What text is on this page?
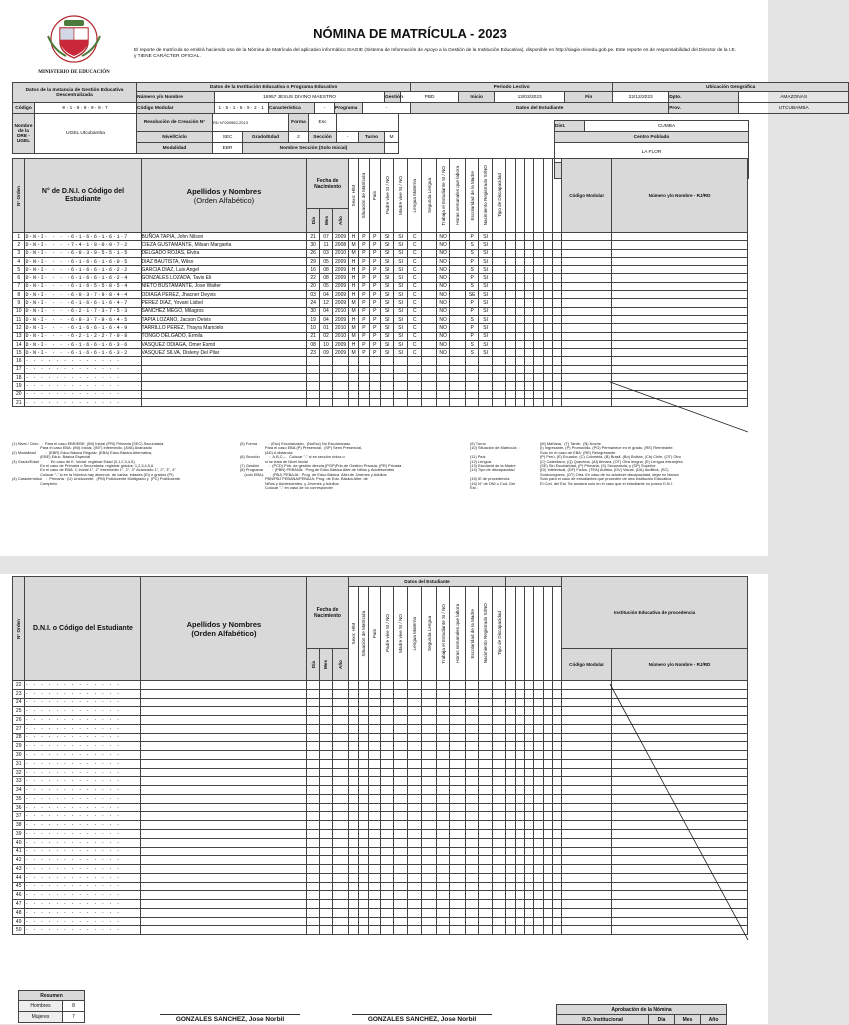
MINISTERIO DE EDUCACIÓN
NÓMINA DE MATRÍCULA - 2023
El reporte de matrícula se emitirá haciendo uso de la Nómina de Matrícula del aplicativo informático SIAGIE (Sistema de Información de Apoyo a la Gestión de la Institución Educativa), disponible en http://siagie.minedu.gob.pe. Este reporte es de responsabilidad del Director de la I.E. y TIENE CARÁCTER OFICIAL.
Datos de la Instancia de Gestión Educativa Descentralizada		Datos de la Institución Educativa o Programa Educativo								Periodo Lectivo				Ubicación Geográfica		
		Número y/o Nombre	16957 JESUS DIVINO MAESTRO					Gestión	PBD		Inicio	13/03/2023	Fin	22/12/2023	Dpto.	AMAZONAS
Código	0·1·0·0·0·0·7	Código Modular	1·5·1·6·9·2·1	Característica	-	Programa	-			Datos del Estudiante					Prov.	UTCUBAMBA
Nombre de la DRE - UGEL	UGEL Utcubamba	Resolución de Creación N°	RD N°000962-2013		Forma	Esc			
		Nivel/Ciclo	SEC	Grado/Edad	2	Sección	-	Turno	M
		Modalidad	EBR	Nombre Sección (Solo Inicial)					
Dist.	CUMBA
Centro Poblado
LA FLOR

N° Orden	N° de D.N.I. o Código del Estudiante	Apellidos y Nombres
(Orden Alfabético)	Fecha de Nacimiento			Sexo: H/M	Situación de Matrícula	País	Padre vive SI / NO	Madre vive SI / NO	Lengua Materna	Segunda Lengua	Trabaja el Estudiante SI / NO	Horas semanales que labora	Escolaridad de la Madre	Nacimiento Registrado SI/NO	Tipo de Discapacidad							Código Modular	Número y/o Nombre - RJ/RD

			Día	Mes	Año																				

1	D·N·I· · · ·6·1·6·6·1·6·1·7	BUÑOA TAPIA, John Nilson	21	07	2009	H	P	P	SI	SI	C		NO		P	SI									
2	D·N·I· · · ·7·4·1·0·0·0·7·2	CIEZA GUSTAMANTE, Milsan Margarita	30	11	2008	M	P	P	SI	SI	C		NO		S	SI									
3	D·N·I· · · ·6·0·3·9·5·5·1·5	DELGADO ROJAS, Elvira	26	03	2010	M	P	P	SI	SI	C		NO		S	SI									
4	D·N·I· · · ·6·1·6·6·1·6·0·5	DIAZ BAUTISTA, Wilso	29	05	2009	H	P	P	SI	SI	C		NO		P	SI									
5	D·N·I· · · ·6·1·6·6·1·6·2·2	GARCIA DIAZ, Luis Angel	16	08	2009	H	P	P	SI	SI	C		NO		S	SI									
6	D·N·I· · · ·6·1·6·6·1·6·2·4	GONZALES LOZADA, Tavis Eli	22	08	2009	H	P	P	SI	SI	C		NO		P	SI									
7	D·N·I· · · ·6·1·6·5·5·8·5·4	NIETO BUSTAMANTE, Jose Walter	20	05	2009	H	P	P	SI	SI	C		NO		S	SI									
8	D·N·I· · · ·6·0·3·7·9·8·4·4	ODIAGA PEREZ, Jhacner Deyvis	03	04	2009	H	P	P	SI	SI	C		NO		SE	SI									
9	D·N·I· · · ·6·1·6·6·1·6·4·7	PEREZ DIAZ, Yovani Lisbel	24	12	2009	M	P	P	SI	SI	C		NO		P	SI									
10	D·N·I· · · ·6·2·1·7·3·7·5·3	SANCHEZ MEGO, Milagros	30	04	2010	M	P	P	SI	SI	C		NO		P	SI									
11	D·N·I· · · ·6·0·3·7·9·6·4·5	TAPIA LOZANO, Jacson Deivis	19	04	2009	H	P	P	SI	SI	C		NO		S	SI									
12	D·N·I· · · ·6·1·6·6·1·6·4·9	TARRILLO PEREZ, Thayra Maricielo	10	01	2010	M	P	P	SI	SI	C		NO		P	SI									
13	D·N·I· · · ·6·2·1·2·2·7·0·8	TONGO DELGADO, Ermila	21	02	2010	M	P	P	SI	SI	C		NO		P	SI									
14	D·N·I· · · ·6·1·6·6·1·6·3·6	VASQUEZ ODIAGA, Omer Esmit	08	10	2009	H	P	P	SI	SI	C		NO		S	SI									
15	D·N·I· · · ·6·1·6·6·1·6·3·2	VASQUEZ SILVA, Disleny Del Pilar	23	09	2009	M	P	P	SI	SI	C		NO		S	SI									
16	· · · · · · · · · · · · ·																								
17	· · · · · · · · · · · · ·																								
18	· · · · · · · · · · · · ·																								
19	· · · · · · · · · · · · ·																								
20	· · · · · · · · · · · · ·																								
21	· · · · · · · · · · · · ·																								
(1) Nivel / Ciclo   :  Para el caso EBR/EBE: (INI) Inicial (PRI) Primaria (SEC) Secundaria
Para el caso EBA: (INI) Inicial, (INT) Intermedio, (AVA) Avanzado
(2) Modalidad         :  (EBR) Educ.Básica Regular, (EBA) Educ.Básica Alternativa,
(EBE) Educ. Básica Especial
(3) Grado/Edad        :  En caso de E. Inicial: registrar Edad (0,1,2,3,4,5).
En el caso de Primaria o Secundaria: registrar grados: 1,2,3,4,5,6.
En el caso de EBA: C.Inicial 1°, 2° Intermedio 1°, 2°, 3° Avanzado 1°, 2°, 3°, 4°
Colocar "-" si en la Nómina hay alumnos  de varias  edades (EI) o grados (PI)
(4) Característica    :  Primaria : (U) Unidocente,  (PM) Polidocente Multigrado y  (PC) Polidocente
Completo.
(5) Forma          :  (Esc) Escolarizado,  (NoEsc) No Escolarizado
Para el caso EBA:(P) Presencial,  (SP) Semi Presencial,
(AD) A distancia
(6) Sección         :  A,B,C,...  Colocar "-" si es sección única o
si se trata de Nivel Inicial
(7) Gestión         :  (PCD) Púb. de gestión directa,(PGP)Púb.de Gestión Privada, (PR) Privada
(8) Programa        :  (PBN) PEBANA:  Prog.de Educ.Básica Alter.de Niños y Adolescentes
(solo EBA):        (PBJ) PEBAJA:  Prog. de Educ.Básica  Alter.de Jóvenes y Adultos
PBN/PBJ PEBANA/PEBAJA: Prog. de Edu. Básica Alter. de
Niños y Adolescentes, y Jóvenes y Adultos.
Colocar "-" en caso de no corresponder
(9) Turno
(10) Situación de Matrícula  :

(11) País
(12) Lengua
(13) Escolarid de la Madre
(14) Tipo de discapacidad

(15) IE de procedencia
(16) N° de DNI o Cod. Del
Est.:
(M) Mañana,  (T) Tarde,  (N) Noche
(I) Ingresante, (P) Promovido, (PG) Permanece en el grado, (RE) Reentrante.
Solo en el caso de EBA: (RE) Reingresante
(P) Perú, (E) Ecuador, (C) Colombia, (B) Brasil, (Bo) Bolivia, (Ch) Chile, (OT) Otro
(C) Castellano, (Q) Quechua, (AI) Aimara, (OT) Otra lengua, (E) Lengua extranjera.
(SE) Sin Escolaridad, (P) Primaria, (S) Secundaria, y (SP) Superior
(DI) Intelectual, (DF) Física, (TEA) Autista, (DV) Visual, (DA) Auditiva, (SC)
Sordoceguera, (OT) Otra. En caso de no adolecer discapacidad, dejar en blanco
Solo para el caso de estudiantes que proceden de otra Institución Educativa
El Cód. del Est. Se anotará solo en el caso que el estudiante no posea D.N.I.
N° Orden	D.N.I. o Código del Estudiante	Apellidos y Nombres
(Orden Alfabético)	Fecha de Nacimiento			Datos del Estudiante																		Institución Educativa de procedencia	

						Sexo: H/M	Situación de Matrícula	País	Padre vive SI / NO	Madre vive SI / NO	Lengua Materna	Segunda Lengua	Trabaja el Estudiante SI / NO	Horas semanales que labora	Escolaridad de la Madre	Nacimiento Registrado SI/NO	Tipo de Discapacidad								

			Día	Mes	Año																			Código Modular	Número y/o Nombre - RJ/RD
22	· · · · · · · · · · · · ·																								
23	· · · · · · · · · · · · ·																								
24	· · · · · · · · · · · · ·																								
25	· · · · · · · · · · · · ·																								
26	· · · · · · · · · · · · ·																								
27	· · · · · · · · · · · · ·																								
28	· · · · · · · · · · · · ·																								
29	· · · · · · · · · · · · ·																								
30	· · · · · · · · · · · · ·																								
31	· · · · · · · · · · · · ·																								
32	· · · · · · · · · · · · ·																								
33	· · · · · · · · · · · · ·																								
34	· · · · · · · · · · · · ·																								
35	· · · · · · · · · · · · ·																								
36	· · · · · · · · · · · · ·																								
37	· · · · · · · · · · · · ·																								
38	· · · · · · · · · · · · ·																								
39	· · · · · · · · · · · · ·																								
40	· · · · · · · · · · · · ·																								
41	· · · · · · · · · · · · ·																								
42	· · · · · · · · · · · · ·																								
43	· · · · · · · · · · · · ·																								
44	· · · · · · · · · · · · ·																								
45	· · · · · · · · · · · · ·																								
46	· · · · · · · · · · · · ·																								
47	· · · · · · · · · · · · ·																								
48	· · · · · · · · · · · · ·																								
49	· · · · · · · · · · · · ·																								
50	· · · · · · · · · · · · ·																								
Resumen	
Hombres	8
Mujeres	7	GONZALES SANCHEZ, Jose Norbil	GONZALES SANCHEZ, Jose Norbil
Aprobación de la Nómina
R.D. Institucional	Día	Mes	Año
